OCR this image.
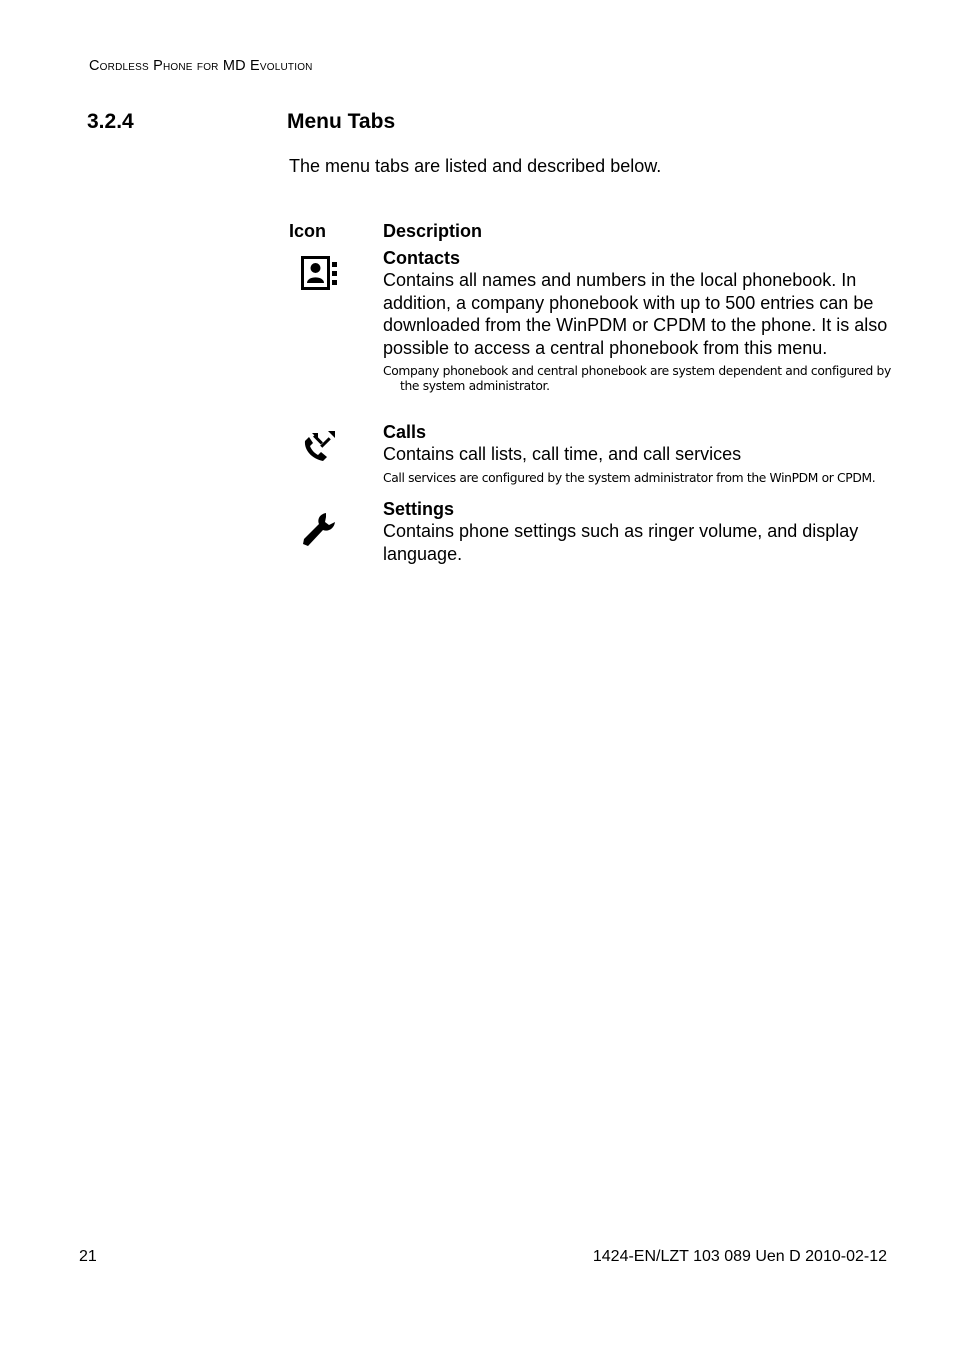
Cordless Phone for MD Evolution
3.2.4	Menu Tabs
The menu tabs are listed and described below.
Icon	Description
Contacts
Contains all names and numbers in the local phonebook. In addition, a company phonebook with up to 500 entries can be downloaded from the WinPDM or CPDM to the phone. It is also possible to access a central phonebook from this menu.
Company phonebook and central phonebook are system dependent and configured by the system administrator.
Calls
Contains call lists, call time, and call services
Call services are configured by the system administrator from the WinPDM or CPDM.
Settings
Contains phone settings such as ringer volume, and display language.
21	1424-EN/LZT 103 089 Uen D 2010-02-12
